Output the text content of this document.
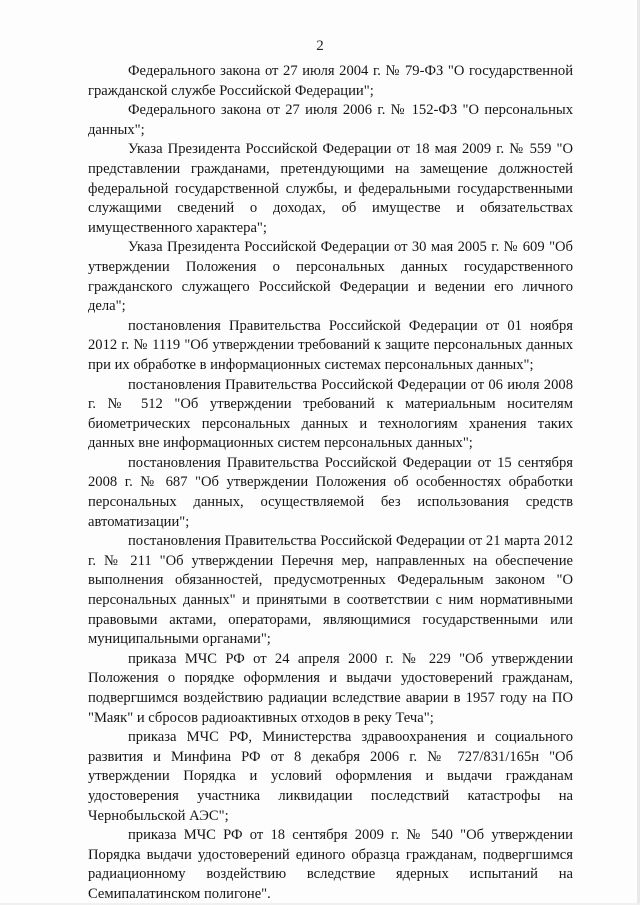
2

Федерального закона от 27 июля 2004 г. № 79-ФЗ "О государственной гражданской службе Российской Федерации";

Федерального закона от 27 июля 2006 г. № 152-ФЗ "О персональных данных";

Указа Президента Российской Федерации от 18 мая 2009 г. № 559 "О представлении гражданами, претендующими на замещение должностей федеральной государственной службы, и федеральными государственными служащими сведений о доходах, об имуществе и обязательствах имущественного характера";

Указа Президента Российской Федерации от 30 мая 2005 г. № 609 "Об утверждении Положения о персональных данных государственного гражданского служащего Российской Федерации и ведении его личного дела";

постановления Правительства Российской Федерации от 01 ноября 2012 г. № 1119 "Об утверждении требований к защите персональных данных при их обработке в информационных системах персональных данных";

постановления Правительства Российской Федерации от 06 июля 2008 г. № 512 "Об утверждении требований к материальным носителям биометрических персональных данных и технологиям хранения таких данных вне информационных систем персональных данных";

постановления Правительства Российской Федерации от 15 сентября 2008 г. № 687 "Об утверждении Положения об особенностях обработки персональных данных, осуществляемой без использования средств автоматизации";

постановления Правительства Российской Федерации от 21 марта 2012 г. № 211 "Об утверждении Перечня мер, направленных на обеспечение выполнения обязанностей, предусмотренных Федеральным законом "О персональных данных" и принятыми в соответствии с ним нормативными правовыми актами, операторами, являющимися государственными или муниципальными органами";

приказа МЧС РФ от 24 апреля 2000 г. № 229 "Об утверждении Положения о порядке оформления и выдачи удостоверений гражданам, подвергшимся воздействию радиации вследствие аварии в 1957 году на ПО "Маяк" и сбросов радиоактивных отходов в реку Теча";

приказа МЧС РФ, Министерства здравоохранения и социального развития и Минфина РФ от 8 декабря 2006 г. № 727/831/165н "Об утверждении Порядка и условий оформления и выдачи гражданам удостоверения участника ликвидации последствий катастрофы на Чернобыльской АЭС";

приказа МЧС РФ от 18 сентября 2009 г. № 540 "Об утверждении Порядка выдачи удостоверений единого образца гражданам, подвергшимся радиационному воздействию вследствие ядерных испытаний на Семипалатинском полигоне".
